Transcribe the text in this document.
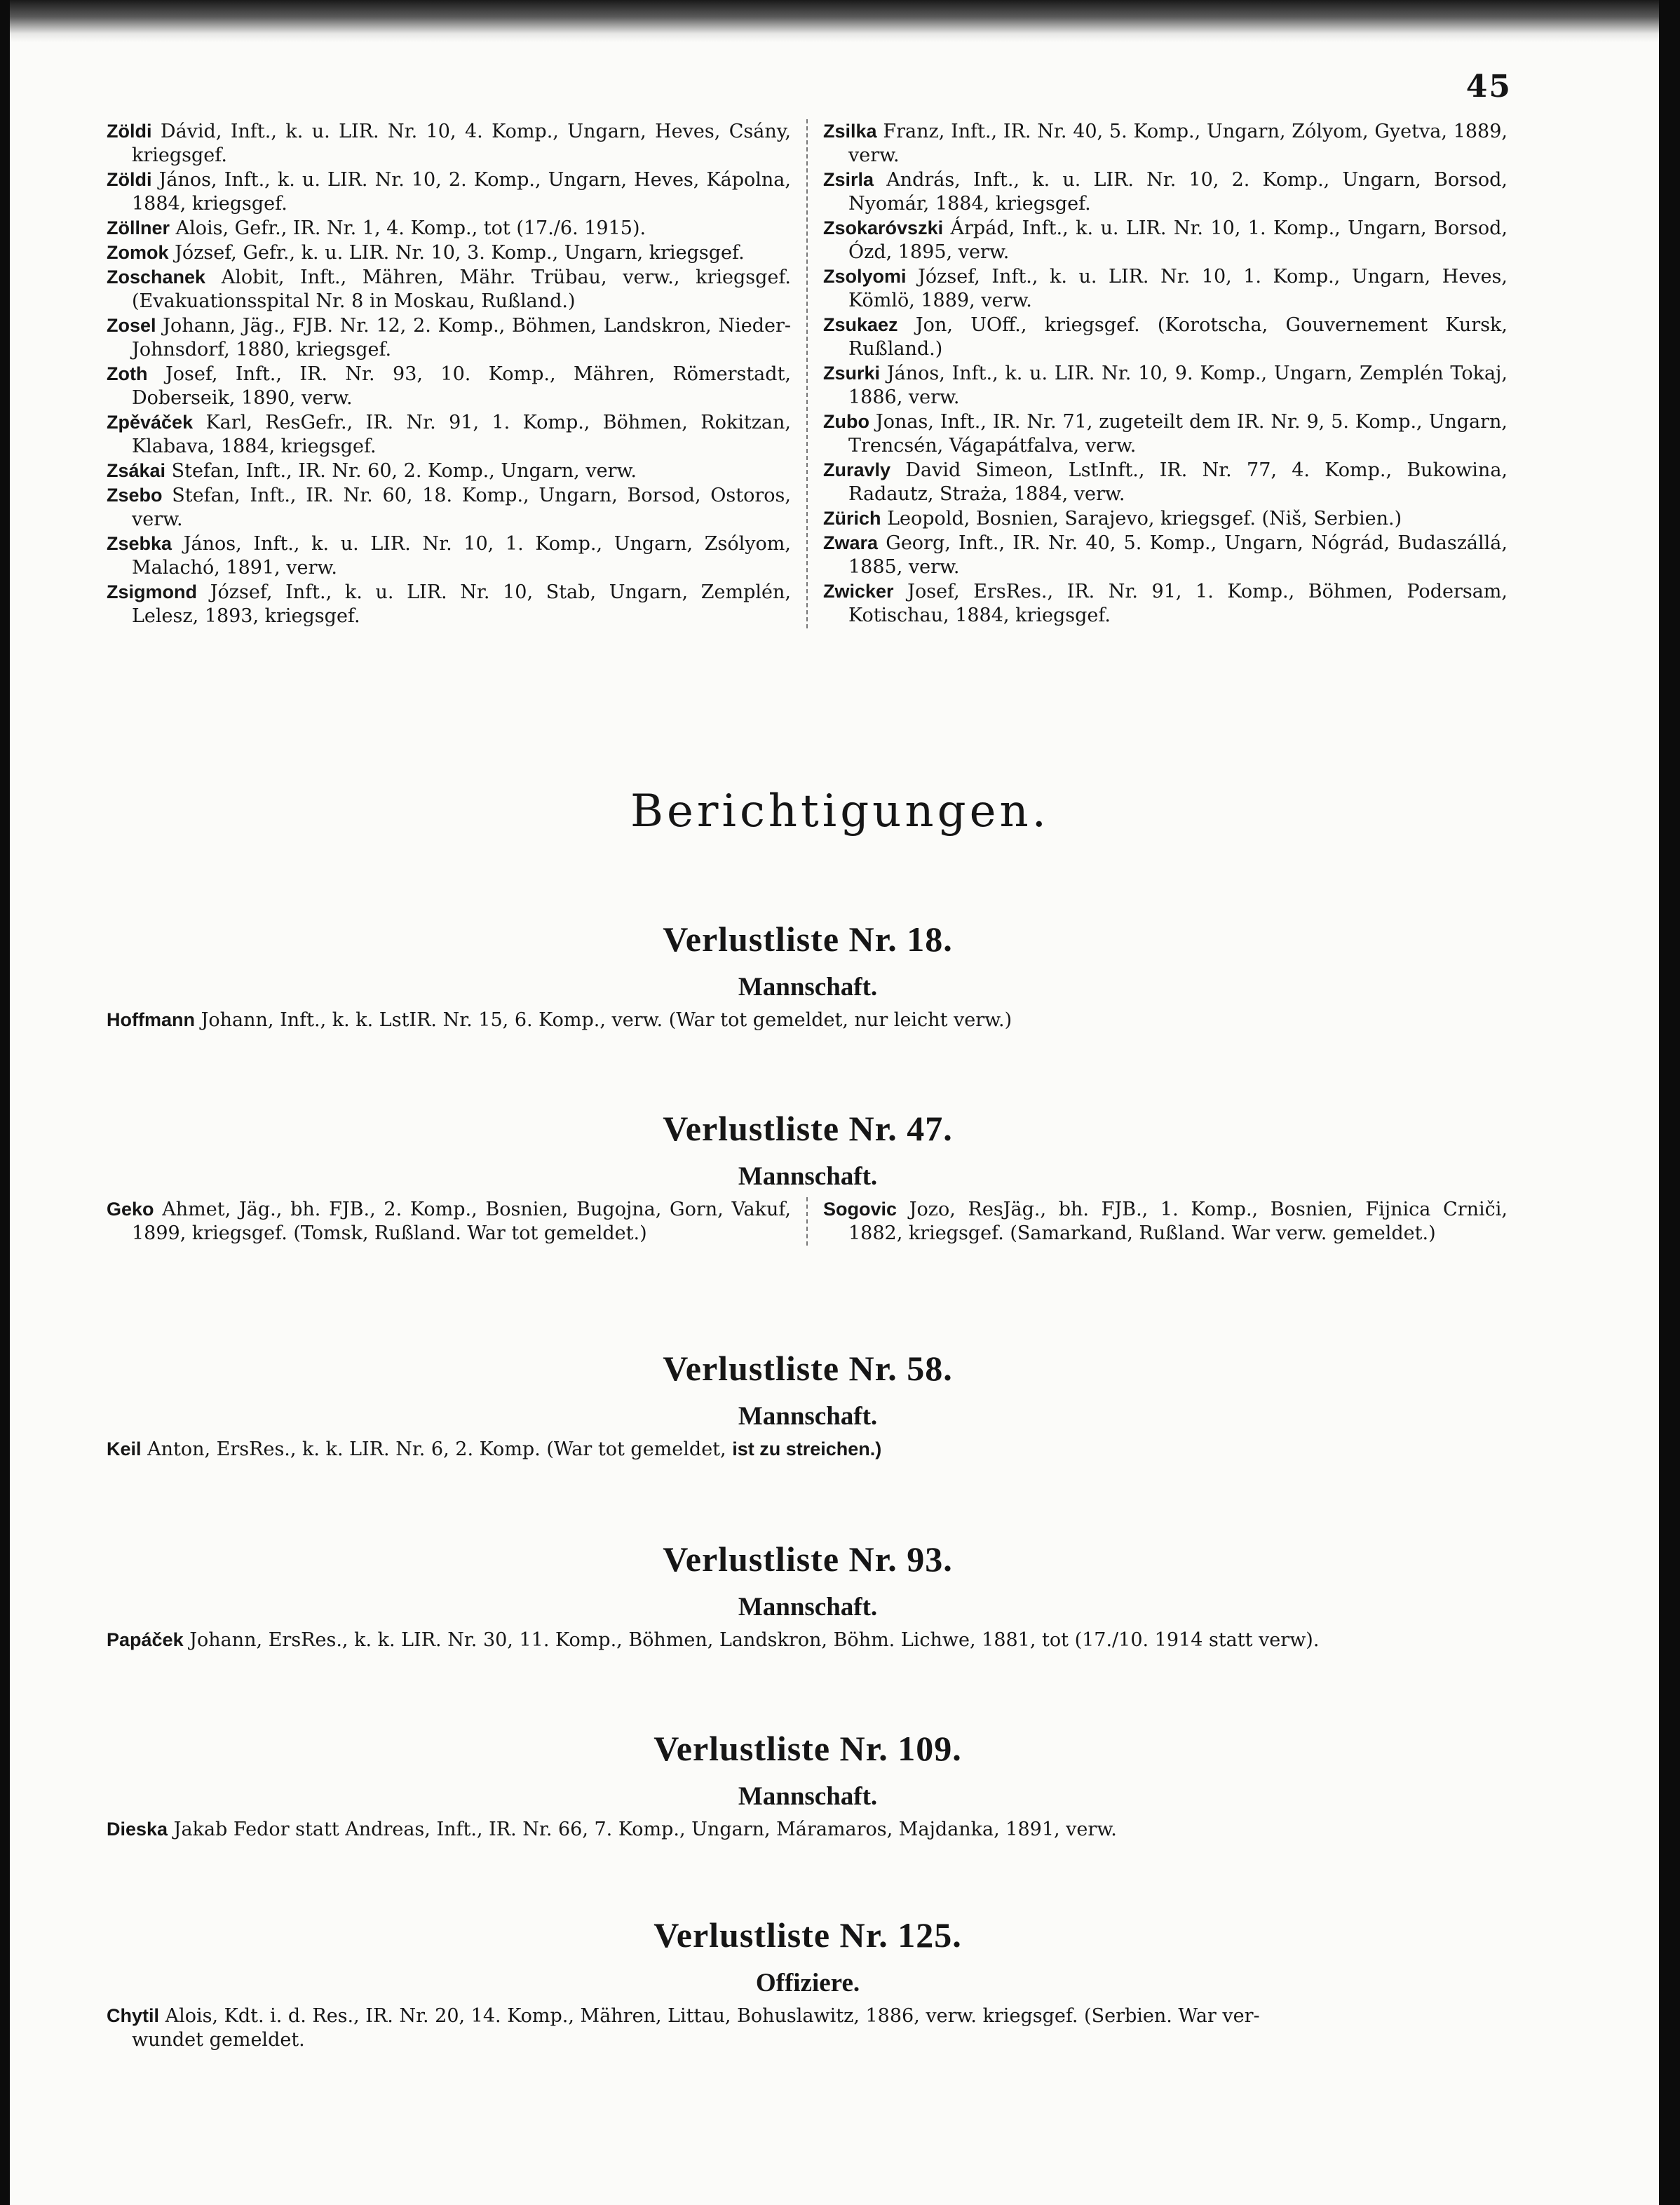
45

Zöldi Dávid, Inft., k. u. LIR. Nr. 10, 4. Komp., Ungarn, Heves, Csány, kriegsgef.

Zöldi János, Inft., k. u. LIR. Nr. 10, 2. Komp., Ungarn, Heves, Kápolna, 1884, kriegsgef.

Zöllner Alois, Gefr., IR. Nr. 1, 4. Komp., tot (17./6. 1915).

Zomok József, Gefr., k. u. LIR. Nr. 10, 3. Komp., Ungarn, kriegsgef.

Zoschanek Alobit, Inft., Mähren, Mähr. Trübau, verw., kriegsgef. (Evakuationsspital Nr. 8 in Moskau, Rußland.)

Zosel Johann, Jäg., FJB. Nr. 12, 2. Komp., Böhmen, Landskron, Nieder-Johnsdorf, 1880, kriegsgef.

Zoth Josef, Inft., IR. Nr. 93, 10. Komp., Mähren, Römerstadt, Doberseik, 1890, verw.

Zpěváček Karl, ResGefr., IR. Nr. 91, 1. Komp., Böhmen, Rokitzan, Klabava, 1884, kriegsgef.

Zsákai Stefan, Inft., IR. Nr. 60, 2. Komp., Ungarn, verw.

Zsebo Stefan, Inft., IR. Nr. 60, 18. Komp., Ungarn, Borsod, Ostoros, verw.

Zsebka János, Inft., k. u. LIR. Nr. 10, 1. Komp., Ungarn, Zsólyom, Malachó, 1891, verw.

Zsigmond József, Inft., k. u. LIR. Nr. 10, Stab, Ungarn, Zemplén, Lelesz, 1893, kriegsgef.

Zsilka Franz, Inft., IR. Nr. 40, 5. Komp., Ungarn, Zólyom, Gyetva, 1889, verw.

Zsirla András, Inft., k. u. LIR. Nr. 10, 2. Komp., Ungarn, Borsod, Nyomár, 1884, kriegsgef.

Zsokaróvszki Árpád, Inft., k. u. LIR. Nr. 10, 1. Komp., Ungarn, Borsod, Ózd, 1895, verw.

Zsolyomi József, Inft., k. u. LIR. Nr. 10, 1. Komp., Ungarn, Heves, Kömlö, 1889, verw.

Zsukaez Jon, UOff., kriegsgef. (Korotscha, Gouvernement Kursk, Rußland.)

Zsurki János, Inft., k. u. LIR. Nr. 10, 9. Komp., Ungarn, Zemplén Tokaj, 1886, verw.

Zubo Jonas, Inft., IR. Nr. 71, zugeteilt dem IR. Nr. 9, 5. Komp., Ungarn, Trencsén, Vágapátfalva, verw.

Zuravly David Simeon, LstInft., IR. Nr. 77, 4. Komp., Bukowina, Radautz, Straża, 1884, verw.

Zürich Leopold, Bosnien, Sarajevo, kriegsgef. (Niš, Serbien.)

Zwara Georg, Inft., IR. Nr. 40, 5. Komp., Ungarn, Nógrád, Budaszállá, 1885, verw.

Zwicker Josef, ErsRes., IR. Nr. 91, 1. Komp., Böhmen, Podersam, Kotischau, 1884, kriegsgef.

Berichtigungen.

Verlustliste Nr. 18.

Mannschaft.

Hoffmann Johann, Inft., k. k. LstIR. Nr. 15, 6. Komp., verw. (War tot gemeldet, nur leicht verw.)

Verlustliste Nr. 47.

Mannschaft.

Geko Ahmet, Jäg., bh. FJB., 2. Komp., Bosnien, Bugojna, Gorn, Vakuf, 1899, kriegsgef. (Tomsk, Rußland. War tot gemeldet.)

Sogovic Jozo, ResJäg., bh. FJB., 1. Komp., Bosnien, Fijnica Crniči, 1882, kriegsgef. (Samarkand, Rußland. War verw. gemeldet.)

Verlustliste Nr. 58.

Mannschaft.

Keil Anton, ErsRes., k. k. LIR. Nr. 6, 2. Komp. (War tot gemeldet, ist zu streichen.)

Verlustliste Nr. 93.

Mannschaft.

Papáček Johann, ErsRes., k. k. LIR. Nr. 30, 11. Komp., Böhmen, Landskron, Böhm. Lichwe, 1881, tot (17./10. 1914 statt verw).

Verlustliste Nr. 109.

Mannschaft.

Dieska Jakab Fedor statt Andreas, Inft., IR. Nr. 66, 7. Komp., Ungarn, Máramaros, Majdanka, 1891, verw.

Verlustliste Nr. 125.

Offiziere.

Chytil Alois, Kdt. i. d. Res., IR. Nr. 20, 14. Komp., Mähren, Littau, Bohuslawitz, 1886, verw. kriegsgef. (Serbien. War ver-

wundet gemeldet.
